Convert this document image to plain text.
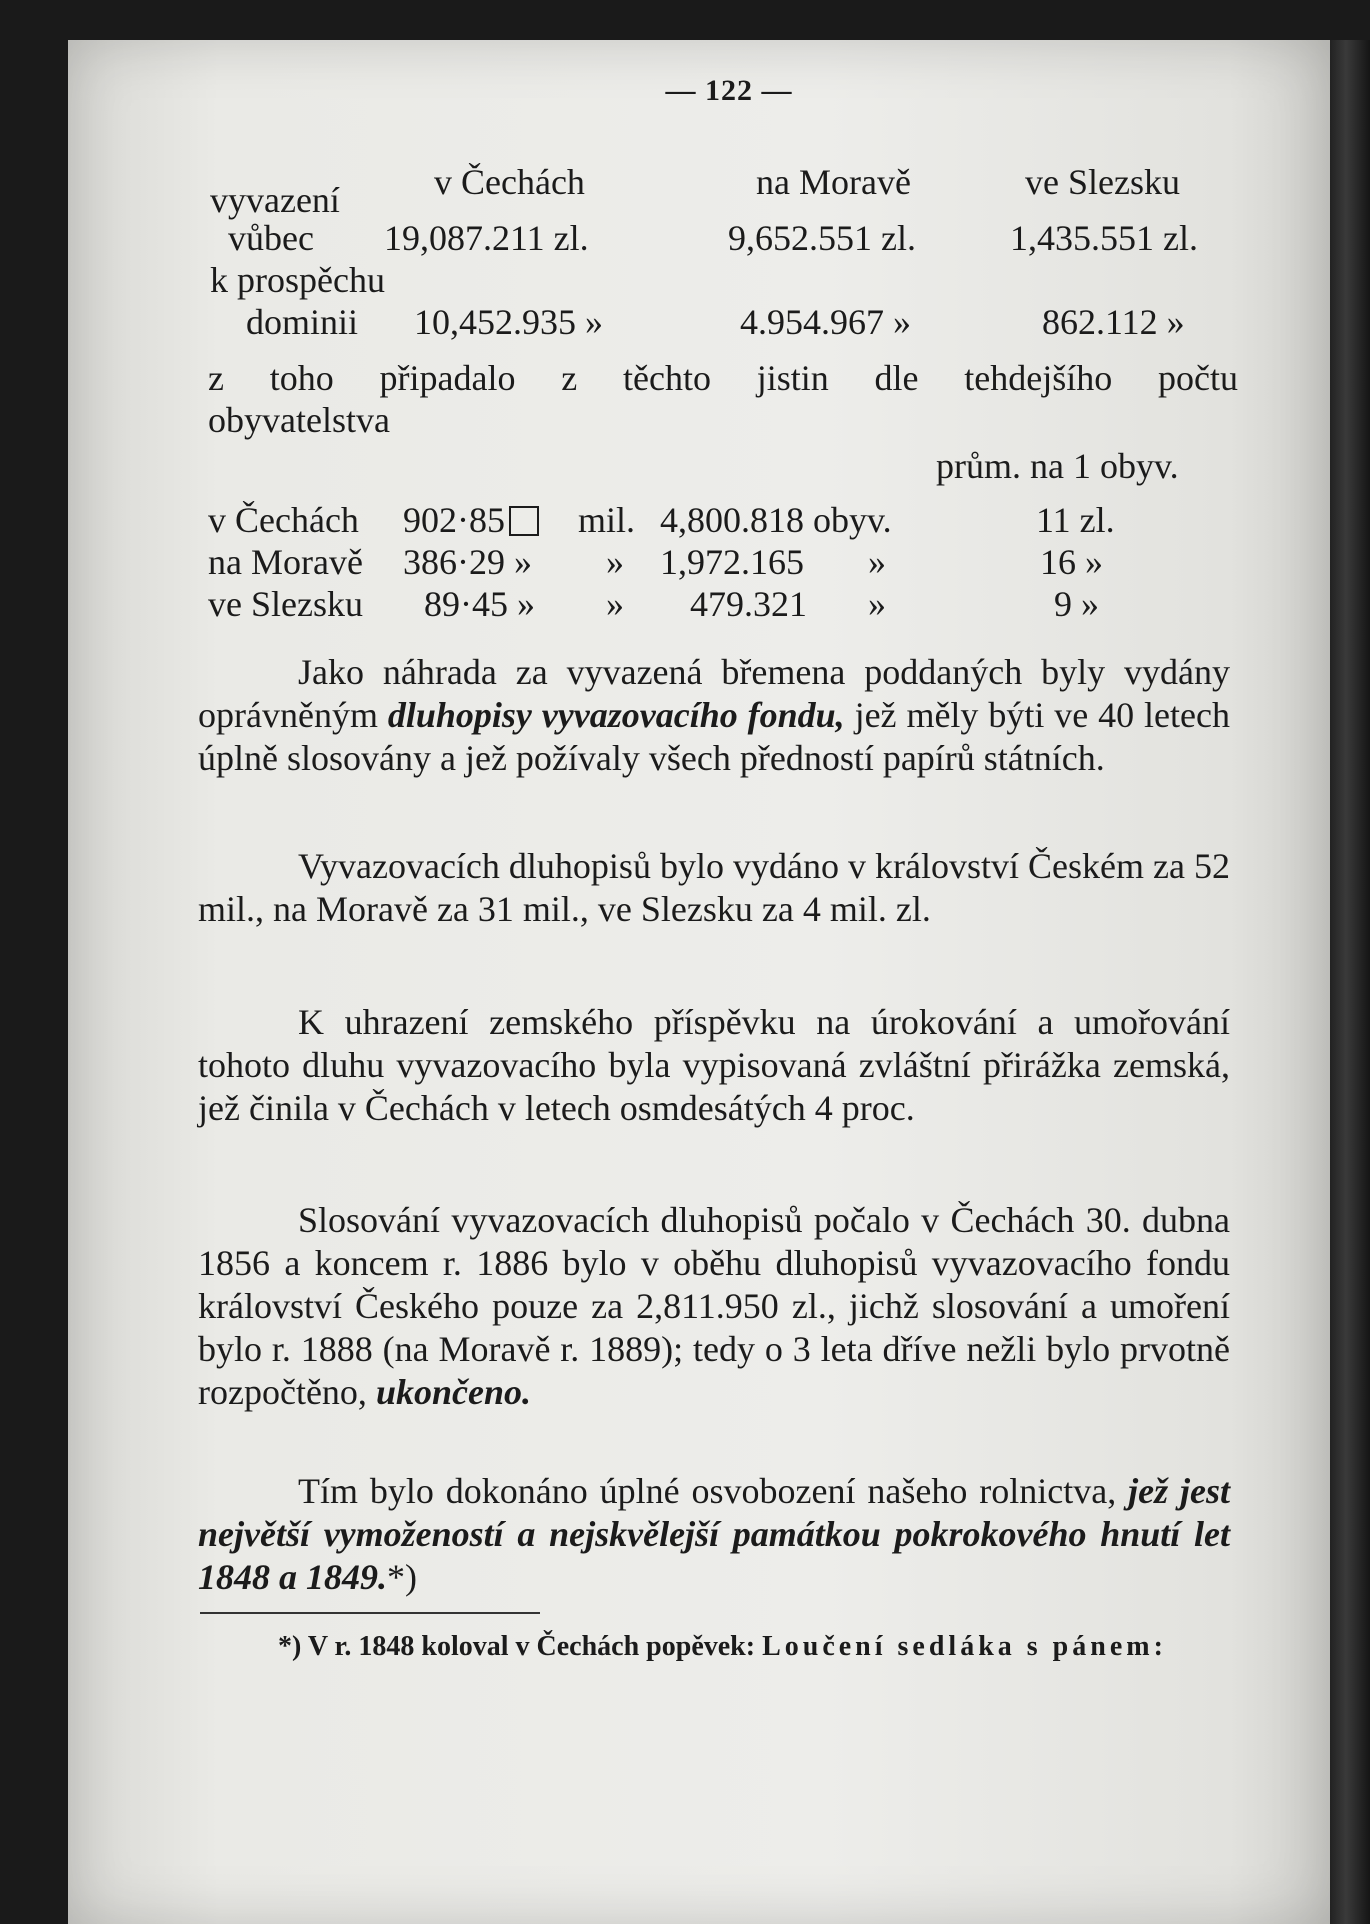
— 122 —
vyvazení	v Čechách	na Moravě	ve Slezsku
vůbec 19,087.211 zl.	9,652.551 zl.	1,435.551 zl.
k prospěchu
dominii 10,452.935 »	4.954.967 »	862.112 »
z toho připadalo z těchto jistin dle tehdejšího počtu
obyvatelstva
prům. na 1 obyv.
v Čechách 902·85	mil. 4,800.818 obyv.	11 zl.
na Moravě 386·29 » » 1,972.165 »	16 »
ve Slezsku 89·45 » » 479.321 »	9 »
Jako náhrada za vyvazená břemena poddaných byly vydány oprávněným dluhopisy vyvazovacího fondu, jež měly býti ve 40 letech úplně slosovány a jež požívaly všech předností papírů státních.
Vyvazovacích dluhopisů bylo vydáno v království Českém za 52 mil., na Moravě za 31 mil., ve Slezsku za 4 mil. zl.
K uhrazení zemského příspěvku na úrokování a umořování tohoto dluhu vyvazovacího byla vypisovaná zvláštní přirážka zemská, jež činila v Čechách v letech osmdesátých 4 proc.
Slosování vyvazovacích dluhopisů počalo v Čechách 30. dubna 1856 a koncem r. 1886 bylo v oběhu dluhopisů vyvazovacího fondu království Českého pouze za 2,811.950 zl., jichž slosování a umoření bylo r. 1888 (na Moravě r. 1889); tedy o 3 leta dříve nežli bylo prvotně rozpočtěno, ukončeno.
Tím bylo dokonáno úplné osvobození našeho rolnictva, jež jest největší vymožeností a nejskvělejší památkou pokrokového hnutí let 1848 a 1849.*)
*) V r. 1848 koloval v Čechách popěvek: Loučení sedláka s pánem:
